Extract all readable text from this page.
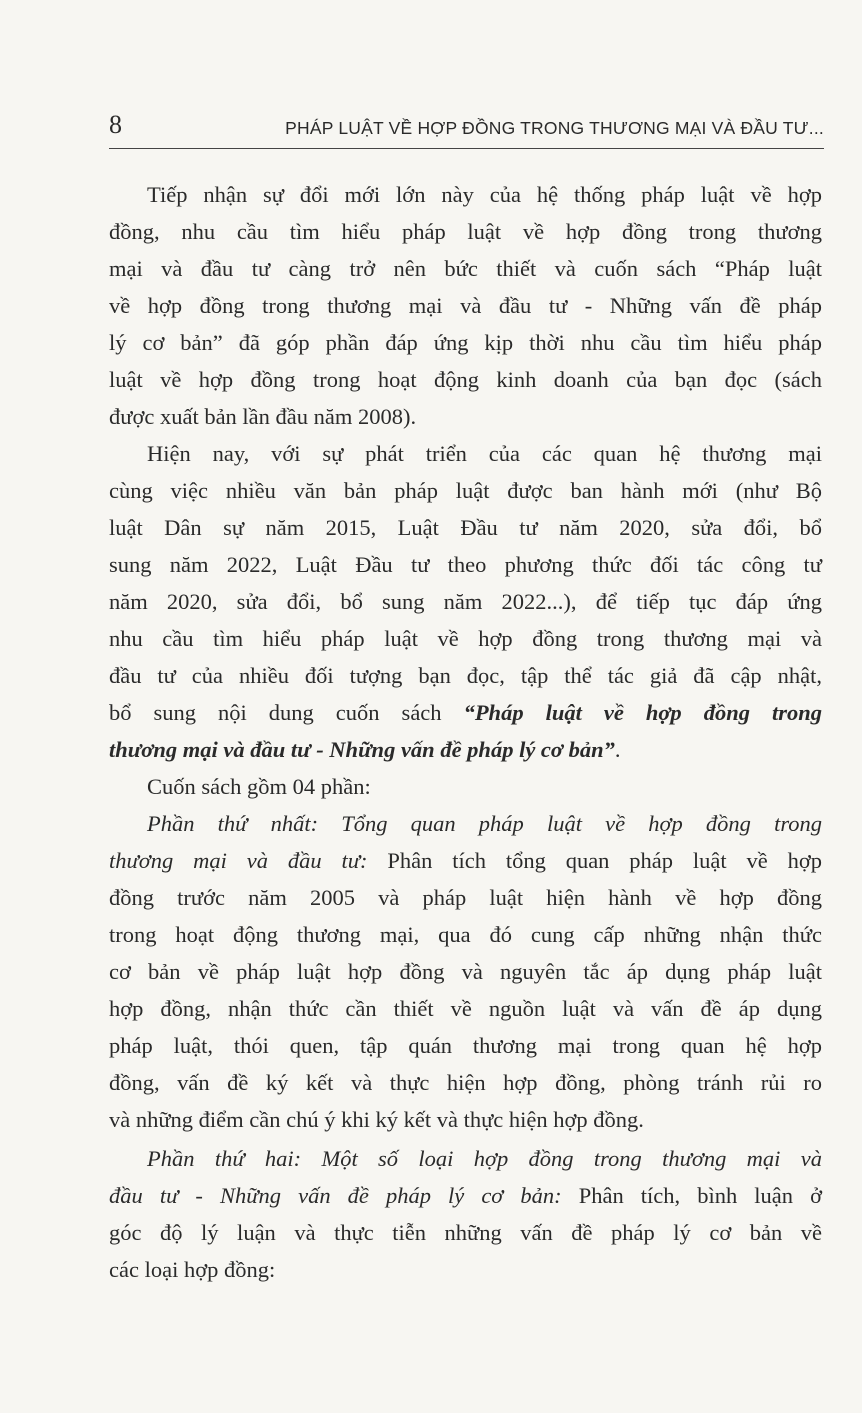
8	PHÁP LUẬT VỀ HỢP ĐỒNG TRONG THƯƠNG MẠI VÀ ĐẦU TƯ...
Tiếp nhận sự đổi mới lớn này của hệ thống pháp luật về hợp
đồng, nhu cầu tìm hiểu pháp luật về hợp đồng trong thương
mại và đầu tư càng trở nên bức thiết và cuốn sách “Pháp luật
về hợp đồng trong thương mại và đầu tư - Những vấn đề pháp
lý cơ bản” đã góp phần đáp ứng kịp thời nhu cầu tìm hiểu pháp
luật về hợp đồng trong hoạt động kinh doanh của bạn đọc (sách
được xuất bản lần đầu năm 2008).
Hiện nay, với sự phát triển của các quan hệ thương mại
cùng việc nhiều văn bản pháp luật được ban hành mới (như Bộ
luật Dân sự năm 2015, Luật Đầu tư năm 2020, sửa đổi, bổ
sung năm 2022, Luật Đầu tư theo phương thức đối tác công tư
năm 2020, sửa đổi, bổ sung năm 2022...), để tiếp tục đáp ứng
nhu cầu tìm hiểu pháp luật về hợp đồng trong thương mại và
đầu tư của nhiều đối tượng bạn đọc, tập thể tác giả đã cập nhật,
bổ sung nội dung cuốn sách “Pháp luật về hợp đồng trong
thương mại và đầu tư - Những vấn đề pháp lý cơ bản”.
Cuốn sách gồm 04 phần:
Phần thứ nhất: Tổng quan pháp luật về hợp đồng trong
thương mại và đầu tư: Phân tích tổng quan pháp luật về hợp
đồng trước năm 2005 và pháp luật hiện hành về hợp đồng
trong hoạt động thương mại, qua đó cung cấp những nhận thức
cơ bản về pháp luật hợp đồng và nguyên tắc áp dụng pháp luật
hợp đồng, nhận thức cần thiết về nguồn luật và vấn đề áp dụng
pháp luật, thói quen, tập quán thương mại trong quan hệ hợp
đồng, vấn đề ký kết và thực hiện hợp đồng, phòng tránh rủi ro
và những điểm cần chú ý khi ký kết và thực hiện hợp đồng.
Phần thứ hai: Một số loại hợp đồng trong thương mại và
đầu tư - Những vấn đề pháp lý cơ bản: Phân tích, bình luận ở
góc độ lý luận và thực tiễn những vấn đề pháp lý cơ bản về
các loại hợp đồng:
